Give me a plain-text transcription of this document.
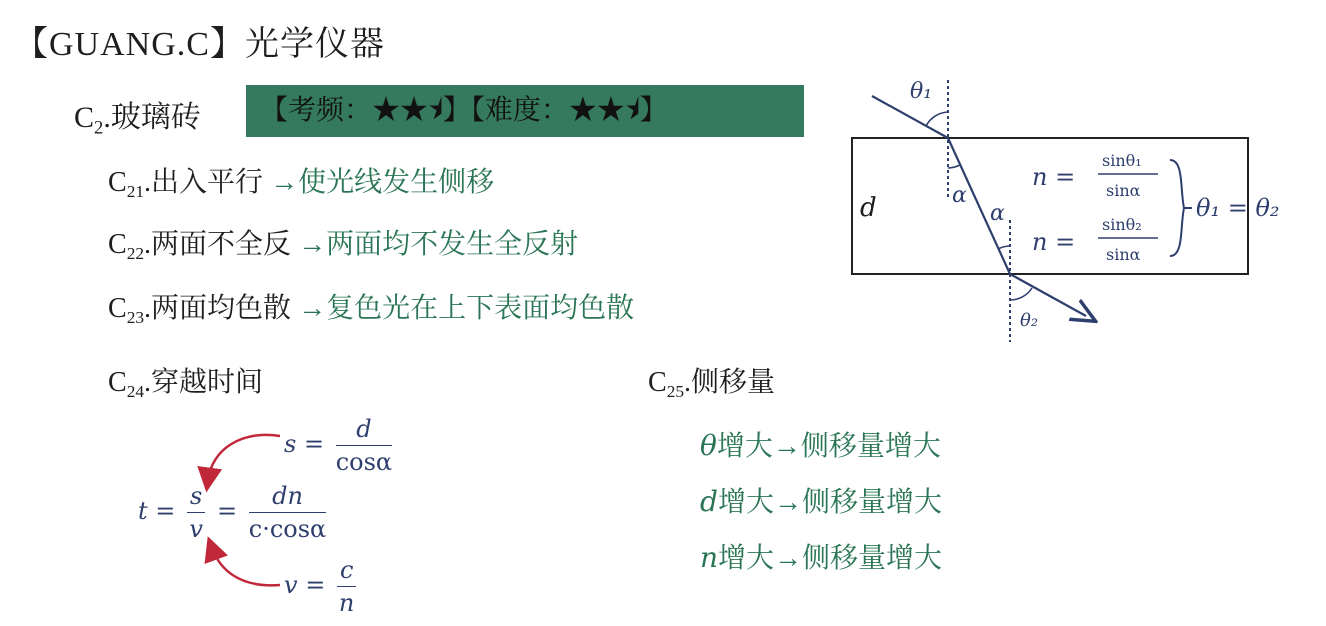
【GUANG.C】光学仪器
$C_2$.玻璃砖	【考频：★★⯨】【难度：★★⯨】
$C_{21}$.出入平行 →使光线发生侧移
$C_{22}$.两面不全反 →两面均不发生全反射
$C_{23}$.两面均色散 →复色光在上下表面均色散
$C_{24}$.穿越时间
$s = \frac{d}{\cos\alpha}$
$t = \frac{s}{v} = \frac{dn}{c\cdot\cos\alpha}$
$v = \frac{c}{n}$
$C_{25}$.侧移量
θ增大→侧移量增大
d增大→侧移量增大
n增大→侧移量增大
θ₁
α
α
θ₂
d
n =
sinθ₁
sinα
n =
sinθ₂
sinα
θ₁ = θ₂
